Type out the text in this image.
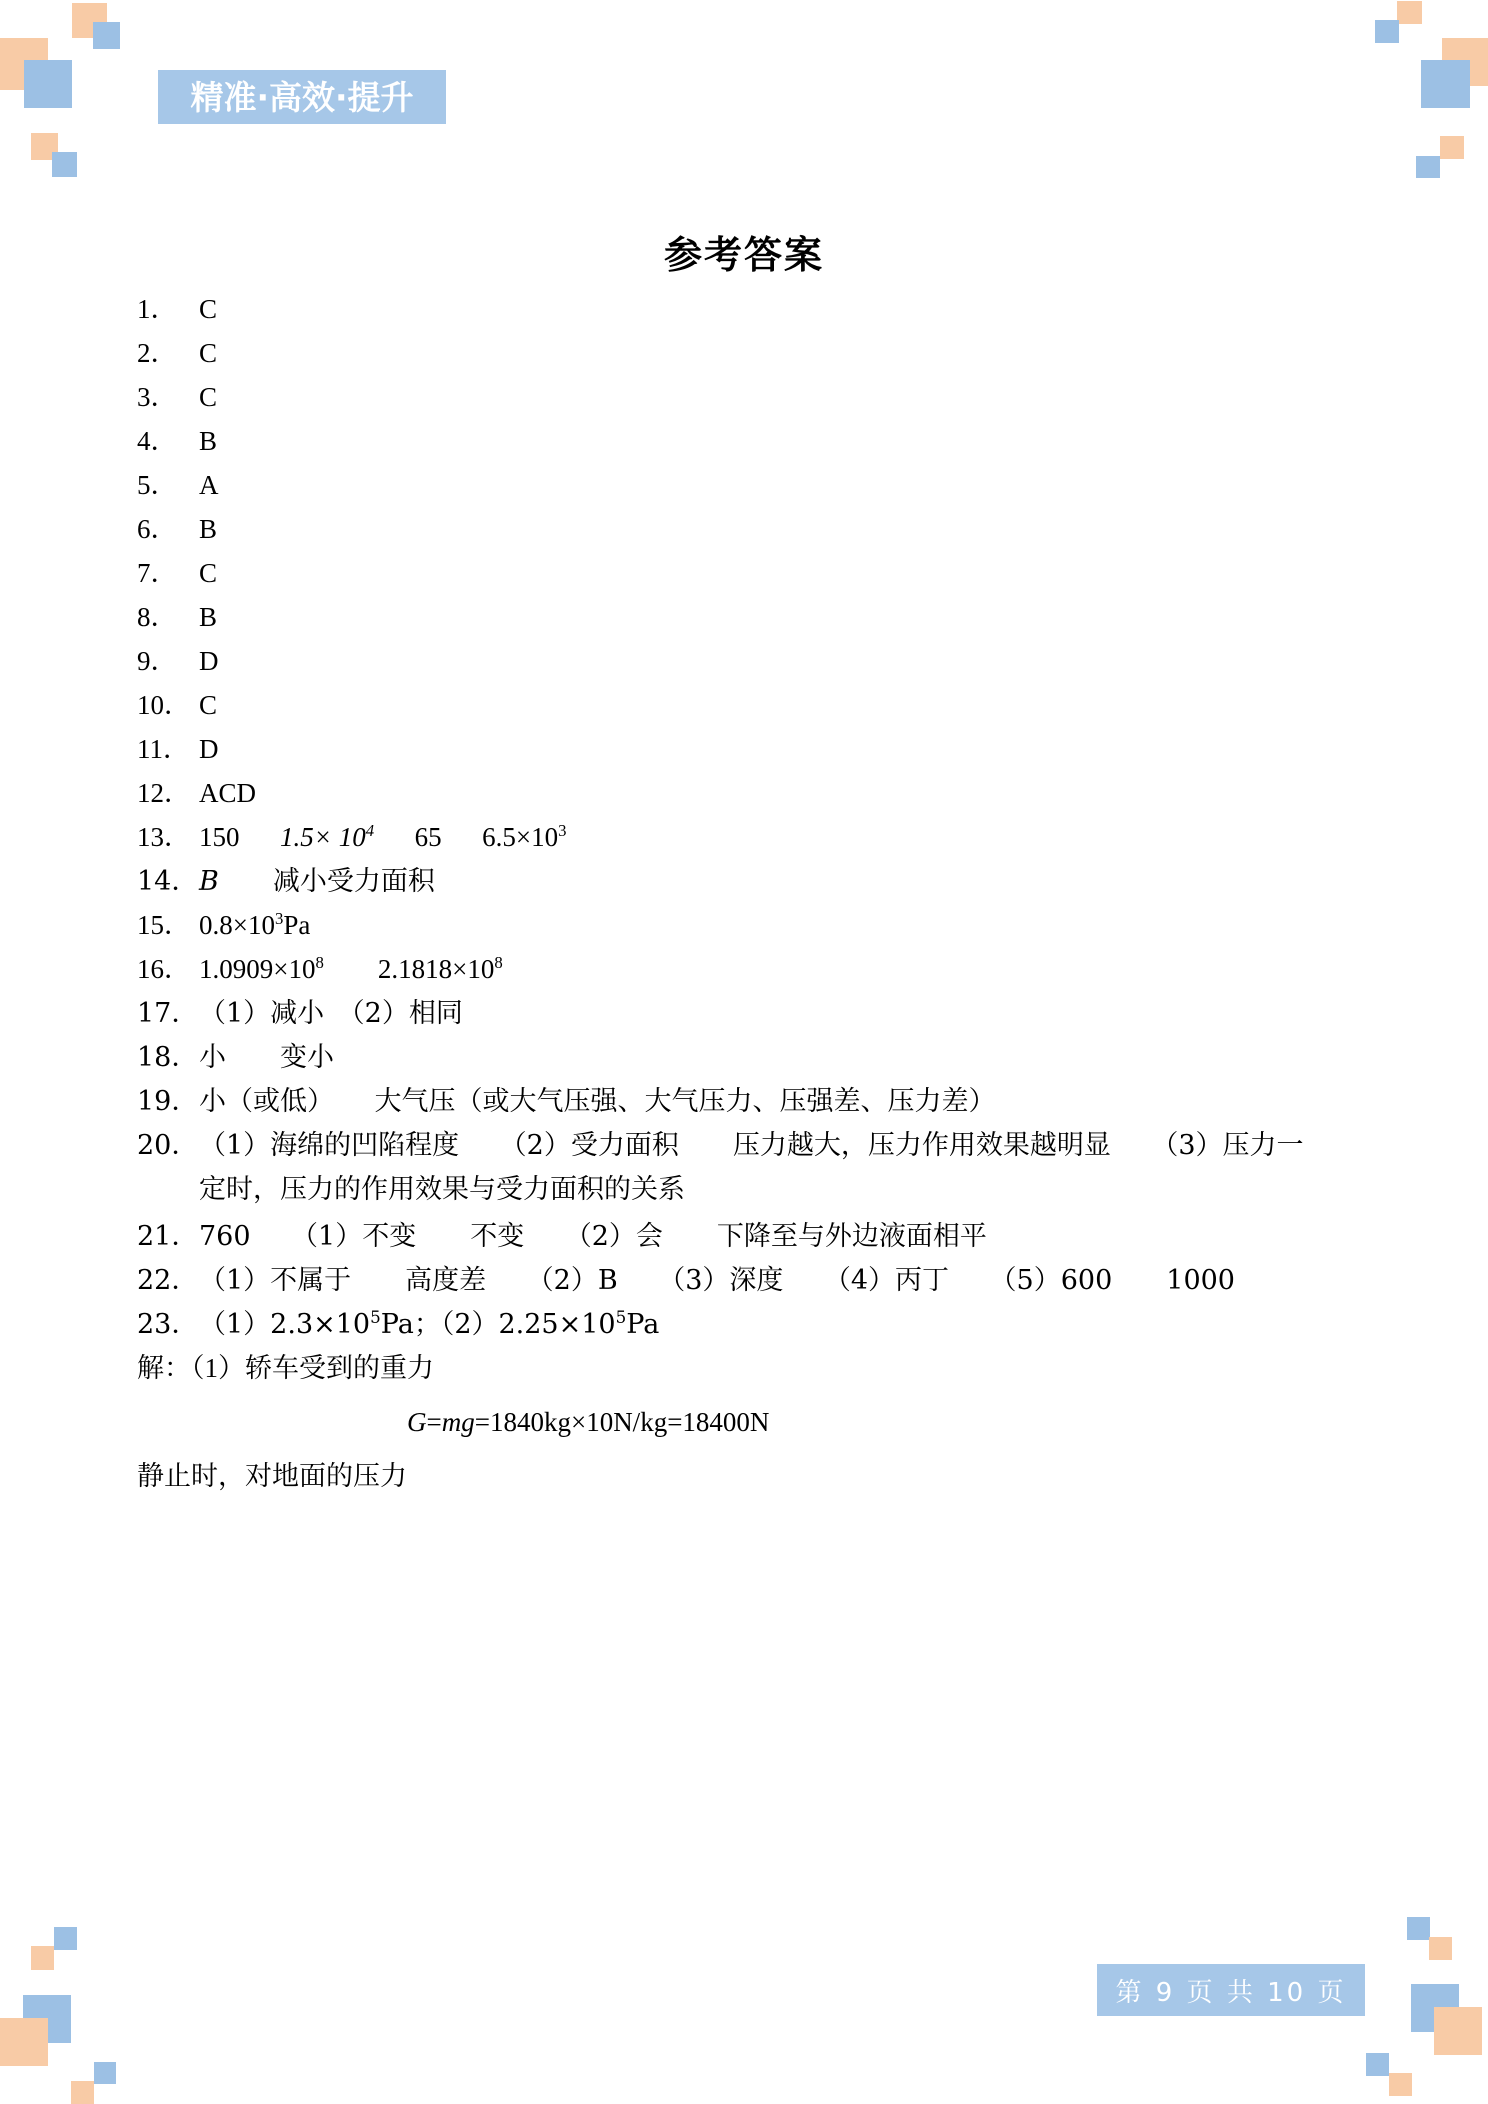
精准·高效·提升
参考答案
1． C
2． C
3． C
4． B
5． A
6． B
7． C
8． B
9． D
10． C
11． D
12． ACD
13． 150 $1.5\times 10^4$ 65 $6.5\times 10^3$
14． B　　 减小受力面积
15． $0.8\times 10^3Pa$
16． $1.0909\times 10^8$　　 $2.1818\times 10^8$
17． （1）减小　（2）相同
18． 小　　变小
19． 小（或低）　　大气压（或大气压强、大气压力、压强差、压力差）
20． （1）海绵的凹陷程度　　（2）受力面积　　压力越大，压力作用效果越明显　　（3）压力一
定时，压力的作用效果与受力面积的关系
21． 760　　（1）不变　　不变　　（2）会　　下降至与外边液面相平
22． （1）不属于　　高度差　　（2）B　　（3）深度　　（4）丙丁　　（5）600　　1000
23． $(1)2.3\times 10^5Pa$；$(2)2.25\times 10^5Pa$
解：（1）轿车受到的重力
G=mg=1840kg×10N/kg=18400N
静止时，对地面的压力
第 9 页 共 10 页
